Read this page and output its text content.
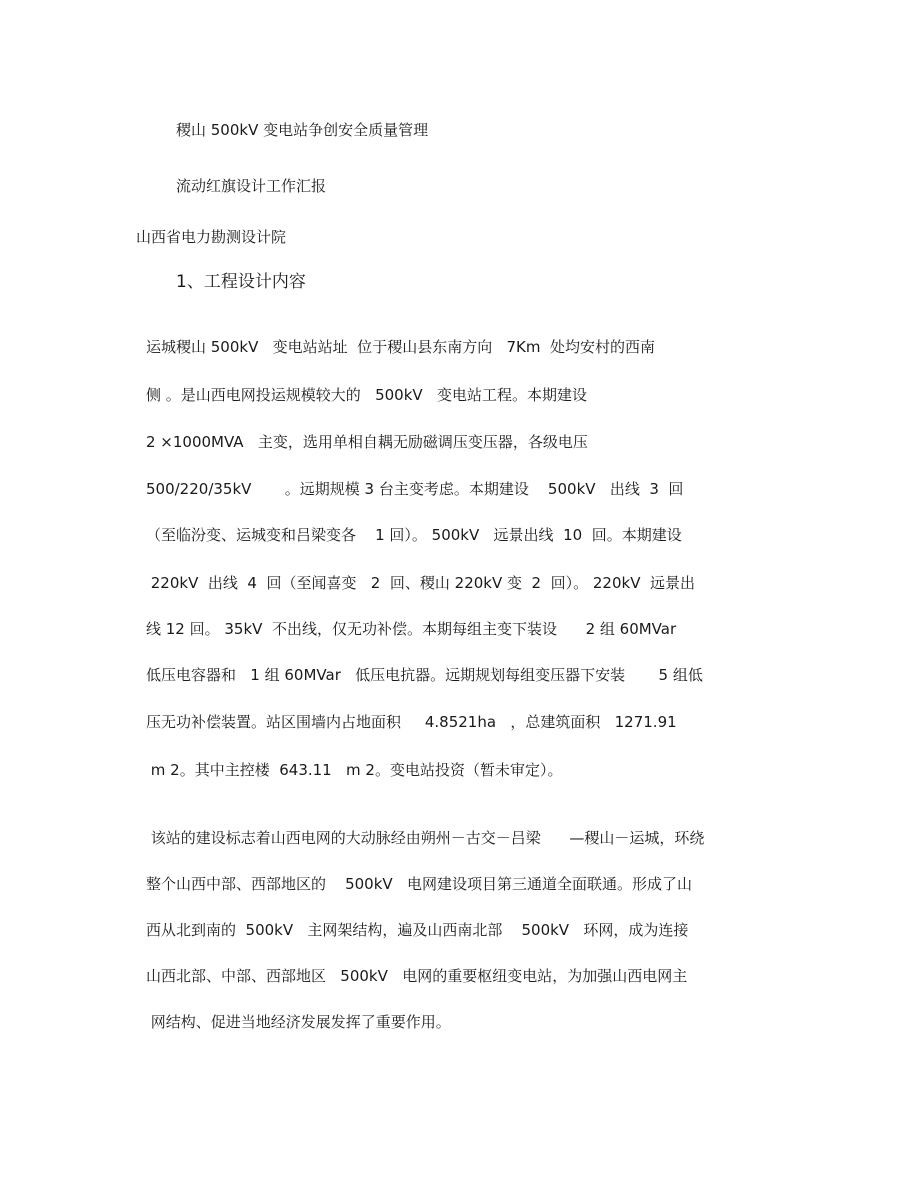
稷山 500kV 变电站争创安全质量管理
流动红旗设计工作汇报
山西省电力勘测设计院
1、工程设计内容
运城稷山 500kV   变电站站址  位于稷山县东南方向   7Km  处均安村的西南
侧 。是山西电网投运规模较大的   500kV   变电站工程。本期建设
2 ×1000MVA   主变，选用单相自耦无励磁调压变压器，各级电压
500/220/35kV       。远期规模 3 台主变考虑。本期建设    500kV   出线  3  回
（至临汾变、运城变和吕梁变各    1 回）。 500kV   远景出线  10  回。本期建设
220kV  出线  4  回（至闻喜变   2  回、稷山 220kV 变  2  回）。 220kV  远景出
线 12 回。 35kV  不出线，仅无功补偿。本期每组主变下装设      2 组 60MVar
低压电容器和   1 组 60MVar   低压电抗器。远期规划每组变压器下安装       5 组低
压无功补偿装置。站区围墙内占地面积     4.8521ha   ，总建筑面积   1271.91
m 2。其中主控楼  643.11   m 2。变电站投资（暂未审定）。
该站的建设标志着山西电网的大动脉经由朔州－古交－吕梁      —稷山－运城，环绕
整个山西中部、西部地区的    500kV   电网建设项目第三通道全面联通。形成了山
西从北到南的  500kV   主网架结构，遍及山西南北部    500kV   环网，成为连接
山西北部、中部、西部地区   500kV   电网的重要枢纽变电站，为加强山西电网主
网结构、促进当地经济发展发挥了重要作用。
